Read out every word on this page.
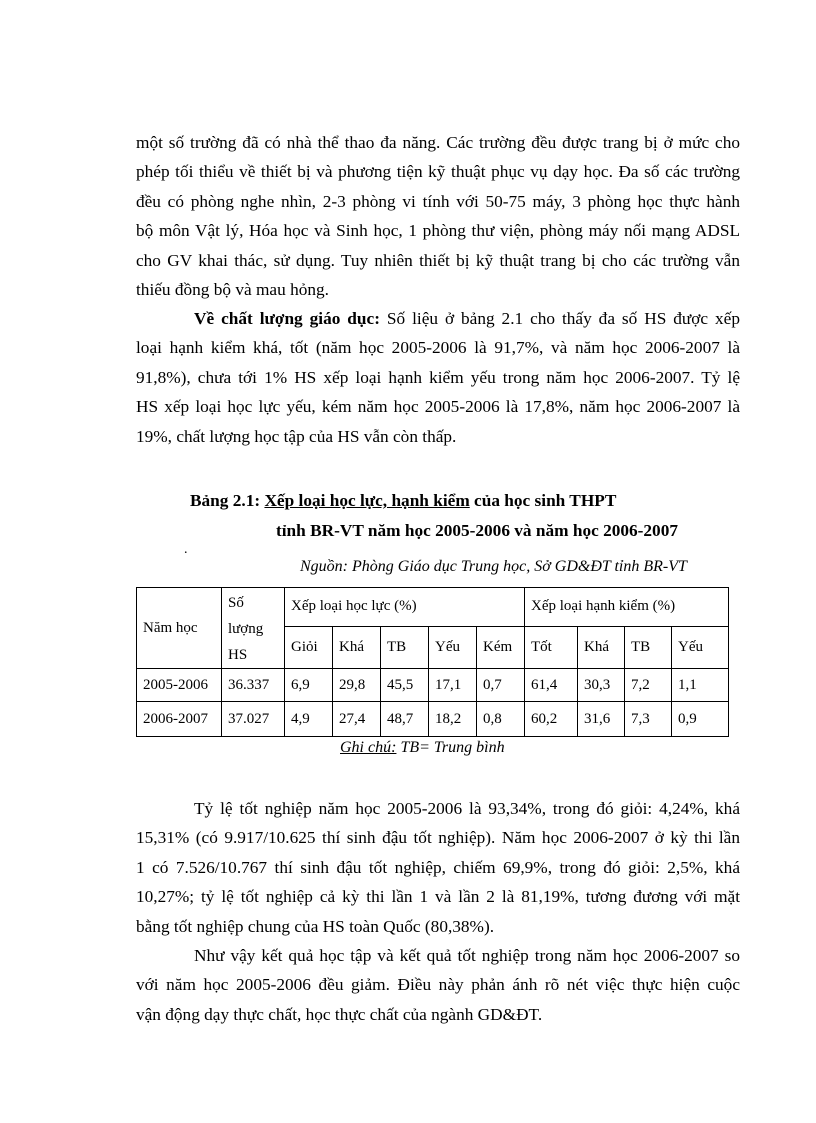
một số trường đã có nhà thể thao đa năng. Các trường đều được trang bị ở mức cho
phép tối thiểu về thiết bị và phương tiện kỹ thuật phục vụ dạy học. Đa số các trường
đều có phòng nghe nhìn, 2-3 phòng vi tính với 50-75 máy, 3 phòng học thực hành
bộ môn Vật lý, Hóa học và Sinh học, 1 phòng thư viện, phòng máy nối mạng ADSL
cho GV khai thác, sử dụng. Tuy nhiên thiết bị kỹ thuật trang bị cho các trường vẫn
thiếu đồng bộ và mau hỏng.
Về chất lượng giáo dục: Số liệu ở bảng 2.1 cho thấy đa số HS được xếp
loại hạnh kiểm khá, tốt (năm học 2005-2006 là 91,7%, và năm học 2006-2007 là
91,8%), chưa tới 1% HS xếp loại hạnh kiểm yếu trong năm học 2006-2007. Tỷ lệ
HS xếp loại học lực yếu, kém năm học 2005-2006 là 17,8%, năm học 2006-2007 là
19%, chất lượng học tập của HS vẫn còn thấp.
Bảng 2.1: Xếp loại học lực, hạnh kiểm của học sinh THPT
tỉnh BR-VT năm học 2005-2006 và năm học 2006-2007
.
Nguồn: Phòng Giáo dục Trung học, Sở GD&ĐT tỉnh BR-VT
Năm học	Số
lượng
HS	Xếp loại học lực (%)					Xếp loại hạnh kiểm (%)			
		Giỏi	Khá	TB	Yếu	Kém	Tốt	Khá	TB	Yếu
2005-2006	36.337	6,9	29,8	45,5	17,1	0,7	61,4	30,3	7,2	1,1
2006-2007	37.027	4,9	27,4	48,7	18,2	0,8	60,2	31,6	7,3	0,9
Ghi chú: TB= Trung bình
Tỷ lệ tốt nghiệp năm học 2005-2006 là 93,34%, trong đó giỏi: 4,24%, khá
15,31% (có 9.917/10.625 thí sinh đậu tốt nghiệp). Năm học 2006-2007 ở kỳ thi lần
1 có 7.526/10.767 thí sinh đậu tốt nghiệp, chiếm 69,9%, trong đó giỏi: 2,5%, khá
10,27%; tỷ lệ tốt nghiệp cả kỳ thi lần 1 và lần 2 là 81,19%, tương đương với mặt
bằng tốt nghiệp chung của HS toàn Quốc (80,38%).
Như vậy kết quả học tập và kết quả tốt nghiệp trong năm học 2006-2007 so
với năm học 2005-2006 đều giảm. Điều này phản ánh rõ nét việc thực hiện cuộc
vận động dạy thực chất, học thực chất của ngành GD&ĐT.
